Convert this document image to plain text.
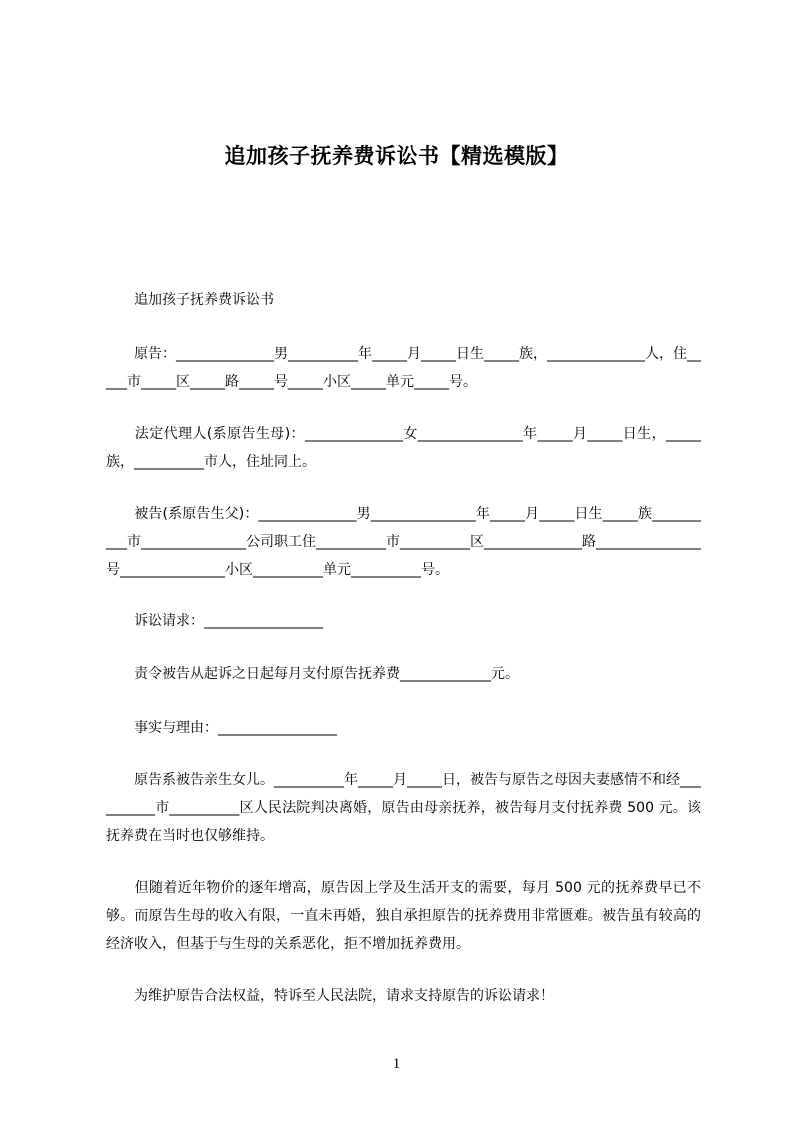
追加孩子抚养费诉讼书【精选模版】

　　追加孩子抚养费诉讼书

　　原告：______________男__________年_____月_____日生_____族，______________人，住_____市_____区_____路_____号_____小区_____单元_____号。

　　法定代理人(系原告生母)：______________女_______________年_____月_____日生，_____族，__________市人，住址同上。

　　被告(系原告生父)：______________男_______________年_____月_____日生_____族__________市_______________公司职工住__________市__________区______________路_______________号_______________小区__________单元__________号。

　　诉讼请求：_________________

　　责令被告从起诉之日起每月支付原告抚养费_____________元。

　　事实与理由：_________________

　　原告系被告亲生女儿。__________年_____月_____日，被告与原告之母因夫妻感情不和经__________市__________区人民法院判决离婚，原告由母亲抚养，被告每月支付抚养费 500 元。该抚养费在当时也仅够维持。

　　但随着近年物价的逐年增高，原告因上学及生活开支的需要，每月 500 元的抚养费早已不够。而原告生母的收入有限，一直未再婚，独自承担原告的抚养费用非常匮难。被告虽有较高的经济收入，但基于与生母的关系恶化，拒不增加抚养费用。

　　为维护原告合法权益，特诉至人民法院，请求支持原告的诉讼请求！

1
